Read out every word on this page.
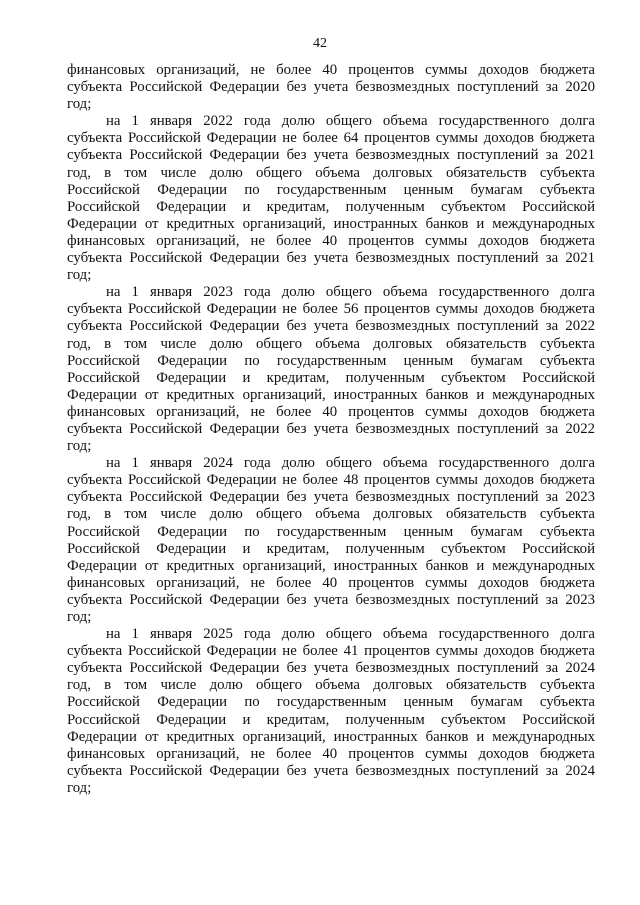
42
финансовых организаций, не более 40 процентов суммы доходов бюджета
субъекта Российской Федерации без учета безвозмездных поступлений за 2020
год;
на 1 января 2022 года долю общего объема государственного долга
субъекта Российской Федерации не более 64 процентов суммы доходов бюджета
субъекта Российской Федерации без учета безвозмездных поступлений за 2021
год, в том числе долю общего объема долговых обязательств субъекта
Российской Федерации по государственным ценным бумагам субъекта
Российской Федерации и кредитам, полученным субъектом Российской
Федерации от кредитных организаций, иностранных банков и международных
финансовых организаций, не более 40 процентов суммы доходов бюджета
субъекта Российской Федерации без учета безвозмездных поступлений за 2021
год;
на 1 января 2023 года долю общего объема государственного долга
субъекта Российской Федерации не более 56 процентов суммы доходов бюджета
субъекта Российской Федерации без учета безвозмездных поступлений за 2022
год, в том числе долю общего объема долговых обязательств субъекта
Российской Федерации по государственным ценным бумагам субъекта
Российской Федерации и кредитам, полученным субъектом Российской
Федерации от кредитных организаций, иностранных банков и международных
финансовых организаций, не более 40 процентов суммы доходов бюджета
субъекта Российской Федерации без учета безвозмездных поступлений за 2022
год;
на 1 января 2024 года долю общего объема государственного долга
субъекта Российской Федерации не более 48 процентов суммы доходов бюджета
субъекта Российской Федерации без учета безвозмездных поступлений за 2023
год, в том числе долю общего объема долговых обязательств субъекта
Российской Федерации по государственным ценным бумагам субъекта
Российской Федерации и кредитам, полученным субъектом Российской
Федерации от кредитных организаций, иностранных банков и международных
финансовых организаций, не более 40 процентов суммы доходов бюджета
субъекта Российской Федерации без учета безвозмездных поступлений за 2023
год;
на 1 января 2025 года долю общего объема государственного долга
субъекта Российской Федерации не более 41 процентов суммы доходов бюджета
субъекта Российской Федерации без учета безвозмездных поступлений за 2024
год, в том числе долю общего объема долговых обязательств субъекта
Российской Федерации по государственным ценным бумагам субъекта
Российской Федерации и кредитам, полученным субъектом Российской
Федерации от кредитных организаций, иностранных банков и международных
финансовых организаций, не более 40 процентов суммы доходов бюджета
субъекта Российской Федерации без учета безвозмездных поступлений за 2024
год;
